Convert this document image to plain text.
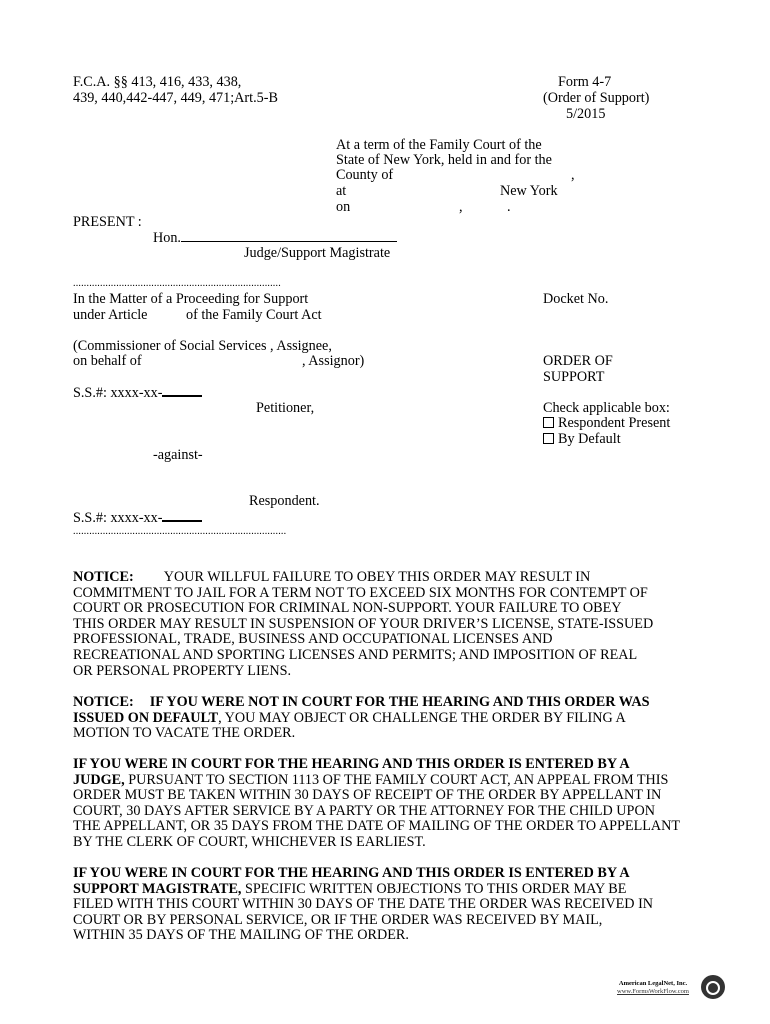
F.C.A. §§ 413, 416, 433, 438,
439, 440,442-447, 449, 471;Art.5-B
Form 4-7
(Order of Support)
5/2015
At a term of the Family Court of the
State of New York, held in and for the
County of	,
at	New York
on	,	.
PRESENT :
Hon.
Judge/Support Magistrate
.............................................................................
In the Matter of a Proceeding for Support
under Article	of the Family Court Act
Docket No.
(Commissioner of Social Services , Assignee,
on behalf of	, Assignor)	ORDER OF
SUPPORT
S.S.#: xxxx-xx-
Petitioner,	Check applicable box:
Respondent Present
By Default
-against-
Respondent.
S.S.#: xxxx-xx-
...............................................................................
NOTICE: YOUR WILLFUL FAILURE TO OBEY THIS ORDER MAY RESULT IN
COMMITMENT TO JAIL FOR A TERM NOT TO EXCEED SIX MONTHS FOR CONTEMPT OF
COURT OR PROSECUTION FOR CRIMINAL NON-SUPPORT. YOUR FAILURE TO OBEY
THIS ORDER MAY RESULT IN SUSPENSION OF YOUR DRIVER’S LICENSE, STATE-ISSUED
PROFESSIONAL, TRADE, BUSINESS AND OCCUPATIONAL LICENSES AND
RECREATIONAL AND SPORTING LICENSES AND PERMITS; AND IMPOSITION OF REAL
OR PERSONAL PROPERTY LIENS.
NOTICE: IF YOU WERE NOT IN COURT FOR THE HEARING AND THIS ORDER WAS
ISSUED ON DEFAULT, YOU MAY OBJECT OR CHALLENGE THE ORDER BY FILING A
MOTION TO VACATE THE ORDER.
IF YOU WERE IN COURT FOR THE HEARING AND THIS ORDER IS ENTERED BY A
JUDGE, PURSUANT TO SECTION 1113 OF THE FAMILY COURT ACT, AN APPEAL FROM THIS
ORDER MUST BE TAKEN WITHIN 30 DAYS OF RECEIPT OF THE ORDER BY APPELLANT IN
COURT, 30 DAYS AFTER SERVICE BY A PARTY OR THE ATTORNEY FOR THE CHILD UPON
THE APPELLANT, OR 35 DAYS FROM THE DATE OF MAILING OF THE ORDER TO APPELLANT
BY THE CLERK OF COURT, WHICHEVER IS EARLIEST.
IF YOU WERE IN COURT FOR THE HEARING AND THIS ORDER IS ENTERED BY A
SUPPORT MAGISTRATE, SPECIFIC WRITTEN OBJECTIONS TO THIS ORDER MAY BE
FILED WITH THIS COURT WITHIN 30 DAYS OF THE DATE THE ORDER WAS RECEIVED IN
COURT OR BY PERSONAL SERVICE, OR IF THE ORDER WAS RECEIVED BY MAIL,
WITHIN 35 DAYS OF THE MAILING OF THE ORDER.
American LegalNet, Inc.
www.FormsWorkFlow.com
